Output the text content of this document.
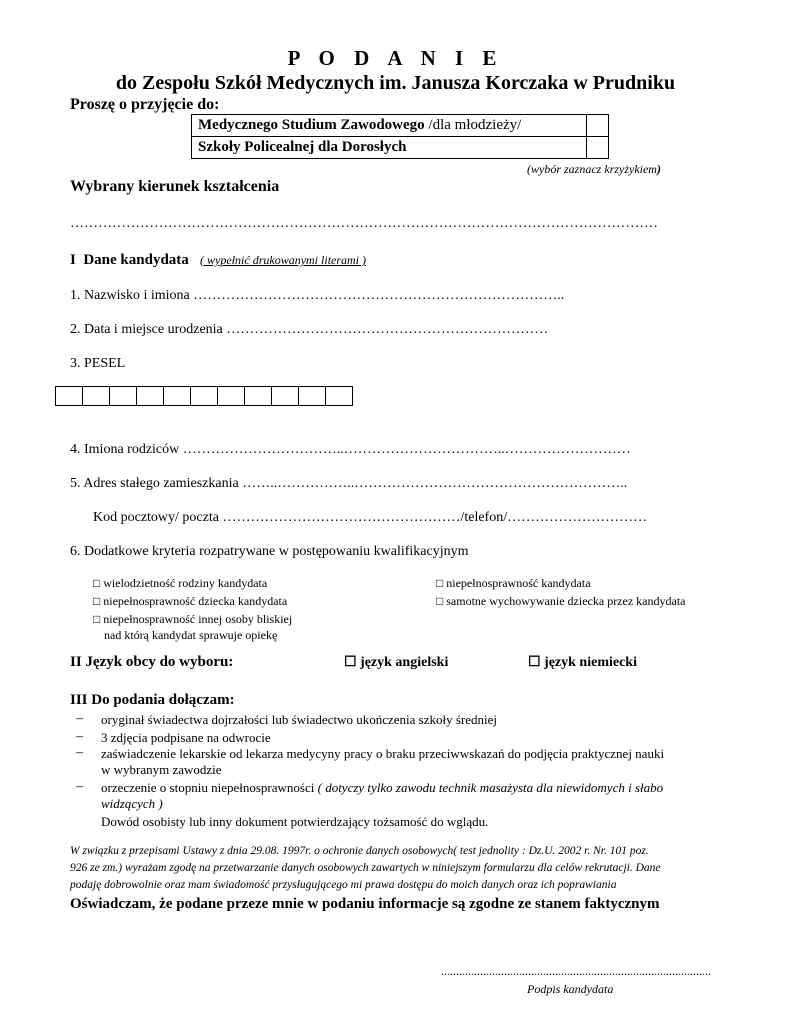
P O D A N I E
do Zespołu Szkół Medycznych im. Janusza Korczaka w Prudniku
Proszę o przyjęcie do:
Medycznego Studium Zawodowego /dla młodzieży/	
Szkoły Policealnej dla Dorosłych	
(wybór zaznacz krzyżykiem)
Wybrany kierunek kształcenia
………………………………………………………………………………………………………………
I Dane kandydata ( wypełnić drukowanymi literami )
1. Nazwisko i imiona ……………………………………………………………………..
2. Data i miejsce urodzenia ……………………………………………………………
3. PESEL
4. Imiona rodziców ……………………………..……………………………..………………………
5. Adres stałego zamieszkania ……..……………..…………………………………………………..
Kod pocztowy/ poczta ……………………………………………/telefon/…………………………
6. Dodatkowe kryteria rozpatrywane w postępowaniu kwalifikacyjnym
□ wielodzietność rodziny kandydata
□ niepełnosprawność dziecka kandydata
□ niepełnosprawność innej osoby bliskiej
nad którą kandydat sprawuje opiekę
□ niepełnosprawność kandydata
□ samotne wychowywanie dziecka przez kandydata
II Język obcy do wyboru:	☐ język angielski	☐ język niemiecki
III Do podania dołączam:
– oryginał świadectwa dojrzałości lub świadectwo ukończenia szkoły średniej
– 3 zdjęcia podpisane na odwrocie
– zaświadczenie lekarskie od lekarza medycyny pracy o braku przeciwwskazań do podjęcia praktycznej nauki
w wybranym zawodzie
– orzeczenie o stopniu niepełnosprawności ( dotyczy tylko zawodu technik masażysta dla niewidomych i słabo
widzących )
Dowód osobisty lub inny dokument potwierdzający tożsamość do wglądu.
W związku z przepisami Ustawy z dnia 29.08. 1997r. o ochronie danych osobowych( test jednolity : Dz.U. 2002 r. Nr. 101 poz.
926 ze zm.) wyrażam zgodę na przetwarzanie danych osobowych zawartych w niniejszym formularzu dla celów rekrutacji. Dane
podaję dobrowolnie oraz mam świadomość przysługującego mi prawa dostępu do moich danych oraz ich poprawiania
Oświadczam, że podane przeze mnie w podaniu informacje są zgodne ze stanem faktycznym
..........................................................................................
Podpis kandydata
